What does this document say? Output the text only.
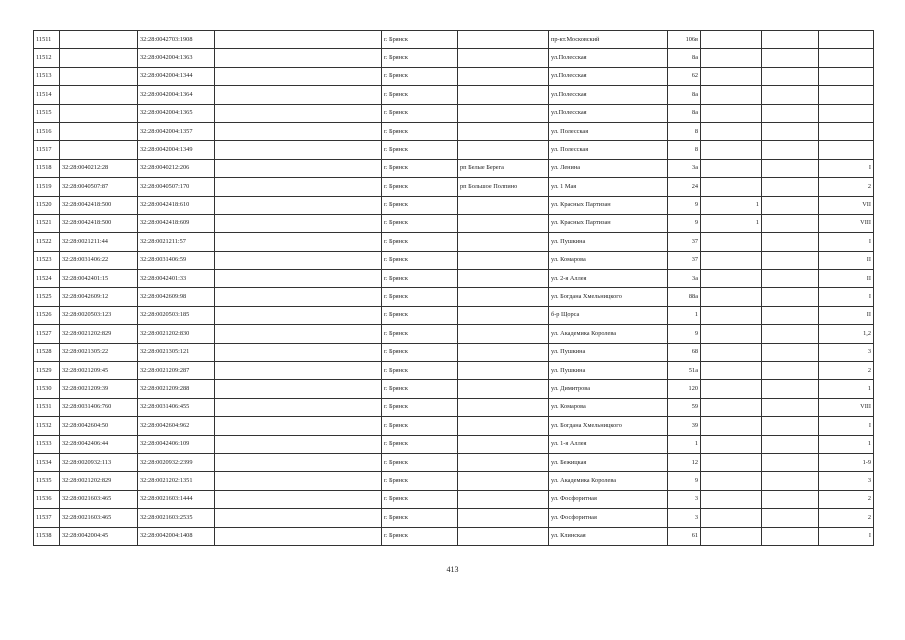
11511		32:28:0042703:1908		г. Брянск		пр-кт.Московский	106в			
11512		32:28:0042004:1363		г. Брянск		ул.Полесская	8а			
11513		32:28:0042004:1344		г. Брянск		ул.Полесская	62			
11514		32:28:0042004:1364		г. Брянск		ул.Полесская	8а			
11515		32:28:0042004:1365		г. Брянск		ул.Полесская	8а			
11516		32:28:0042004:1357		г. Брянск		ул. Полесская	8			
11517		32:28:0042004:1349		г. Брянск		ул. Полесская	8			
11518	32:28:0040212:28	32:28:0040212:206		г. Брянск	рп Белые Берега	ул. Ленина	3а			I
11519	32:28:0040507:87	32:28:0040507:170		г. Брянск	рп Большое Полпино	ул. 1 Мая	24			2
11520	32:28:0042418:500	32:28:0042418:610		г. Брянск		ул. Красных Партизан	9	1		VII
11521	32:28:0042418:500	32:28:0042418:609		г. Брянск		ул. Красных Партизан	9	1		VIII
11522	32:28:0021211:44	32:28:0021211:57		г. Брянск		ул. Пушкина	37			I
11523	32:28:0031406:22	32:28:0031406:59		г. Брянск		ул. Комарова	37			II
11524	32:28:0042401:15	32:28:0042401:33		г. Брянск		ул. 2-я Аллея	3а			II
11525	32:28:0042609:12	32:28:0042609:98		г. Брянск		ул. Богдана Хмельницкого	88а			I
11526	32:28:0020503:123	32:28:0020503:185		г. Брянск		б-р Щорса	1			II
11527	32:28:0021202:829	32:28:0021202:830		г. Брянск		ул. Академика Королева	9			1,2
11528	32:28:0021305:22	32:28:0021305:121		г. Брянск		ул. Пушкина	68			3
11529	32:28:0021209:45	32:28:0021209:287		г. Брянск		ул. Пушкина	51а			2
11530	32:28:0021209:39	32:28:0021209:288		г. Брянск		ул. Димитрова	120			1
11531	32:28:0031406:760	32:28:0031406:455		г. Брянск		ул. Комарова	59			VIII
11532	32:28:0042604:50	32:28:0042604:962		г. Брянск		ул. Богдана Хмельницкого	39			I
11533	32:28:0042406:44	32:28:0042406:109		г. Брянск		ул. 1-я Аллея	1			1
11534	32:28:0020932:113	32:28:0020932:2399		г. Брянск		ул. Бежицкая	12			1-9
11535	32:28:0021202:829	32:28:0021202:1351		г. Брянск		ул. Академика Королева	9			3
11536	32:28:0021603:465	32:28:0021603:1444		г. Брянск		ул. Фосфоритная	3			2
11537	32:28:0021603:465	32:28:0021603:2535		г. Брянск		ул. Фосфоритная	3			2
11538	32:28:0042004:45	32:28:0042004:1408		г. Брянск		ул. Клинская	61			I
413
